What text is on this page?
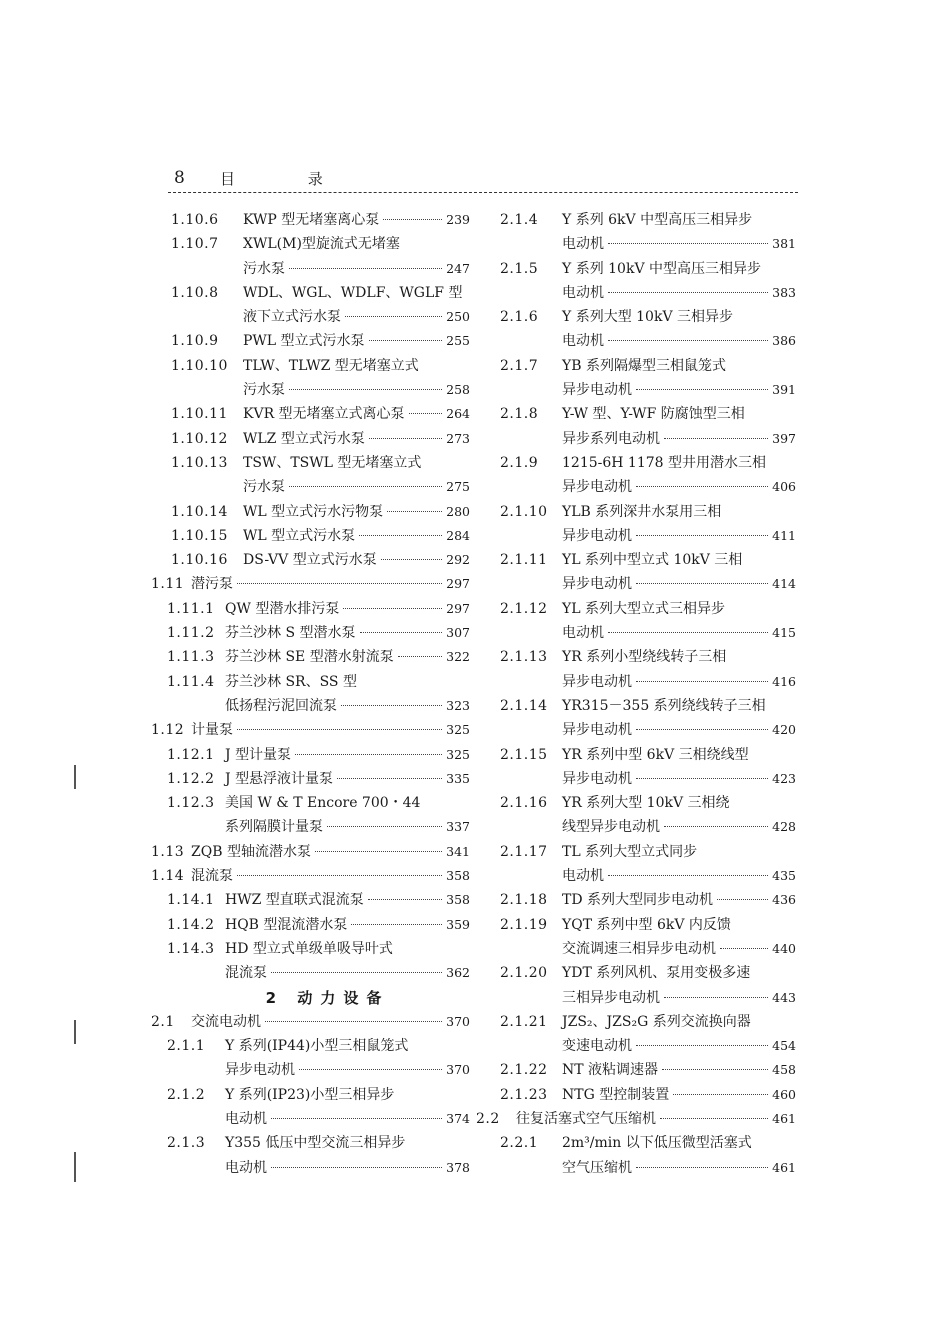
8 目 录
1.10.6	KWP 型无堵塞离心泵	239
1.10.7	XWL(M)型旋流式无堵塞
污水泵	247
1.10.8	WDL、WGL、WDLF、WGLF 型
液下立式污水泵	250
1.10.9	PWL 型立式污水泵	255
1.10.10	TLW、TLWZ 型无堵塞立式
污水泵	258
1.10.11	KVR 型无堵塞立式离心泵	264
1.10.12	WLZ 型立式污水泵	273
1.10.13	TSW、TSWL 型无堵塞立式
污水泵	275
1.10.14	WL 型立式污水污物泵	280
1.10.15	WL 型立式污水泵	284
1.10.16	DS-VV 型立式污水泵	292
1.11 潜污泵	297
1.11.1 QW 型潜水排污泵	297
1.11.2 芬兰沙林 S 型潜水泵	307
1.11.3 芬兰沙林 SE 型潜水射流泵	322
1.11.4 芬兰沙林 SR、SS 型
低扬程污泥回流泵	323
1.12 计量泵	325
1.12.1 J 型计量泵	325
1.12.2 J 型悬浮液计量泵	335
1.12.3 美国 W & T Encore 700・44
系列隔膜计量泵	337
1.13 ZQB 型轴流潜水泵	341
1.14 混流泵	358
1.14.1 HWZ 型直联式混流泵	358
1.14.2 HQB 型混流潜水泵	359
1.14.3 HD 型立式单级单吸导叶式
混流泵	362
2 动力设备
2.1	交流电动机	370
2.1.1	Y 系列(IP44)小型三相鼠笼式
异步电动机	370
2.1.2	Y 系列(IP23)小型三相异步
电动机	374
2.1.3	Y355 低压中型交流三相异步
电动机	378
2.1.4	Y 系列 6kV 中型高压三相异步
电动机	381
2.1.5	Y 系列 10kV 中型高压三相异步
电动机	383
2.1.6	Y 系列大型 10kV 三相异步
电动机	386
2.1.7	YB 系列隔爆型三相鼠笼式
异步电动机	391
2.1.8	Y-W 型、Y-WF 防腐蚀型三相
异步系列电动机	397
2.1.9	1215-6H 1178 型井用潜水三相
异步电动机	406
2.1.10	YLB 系列深井水泵用三相
异步电动机	411
2.1.11	YL 系列中型立式 10kV 三相
异步电动机	414
2.1.12	YL 系列大型立式三相异步
电动机	415
2.1.13	YR 系列小型绕线转子三相
异步电动机	416
2.1.14	YR315－355 系列绕线转子三相
异步电动机	420
2.1.15	YR 系列中型 6kV 三相绕线型
异步电动机	423
2.1.16	YR 系列大型 10kV 三相绕
线型异步电动机	428
2.1.17	TL 系列大型立式同步
电动机	435
2.1.18	TD 系列大型同步电动机	436
2.1.19	YQT 系列中型 6kV 内反馈
交流调速三相异步电动机	440
2.1.20	YDT 系列风机、泵用变极多速
三相异步电动机	443
2.1.21	JZS₂、JZS₂G 系列交流换向器
变速电动机	454
2.1.22	NT 液粘调速器	458
2.1.23	NTG 型控制装置	460
2.2	往复活塞式空气压缩机	461
2.2.1	2m³/min 以下低压微型活塞式
空气压缩机	461
